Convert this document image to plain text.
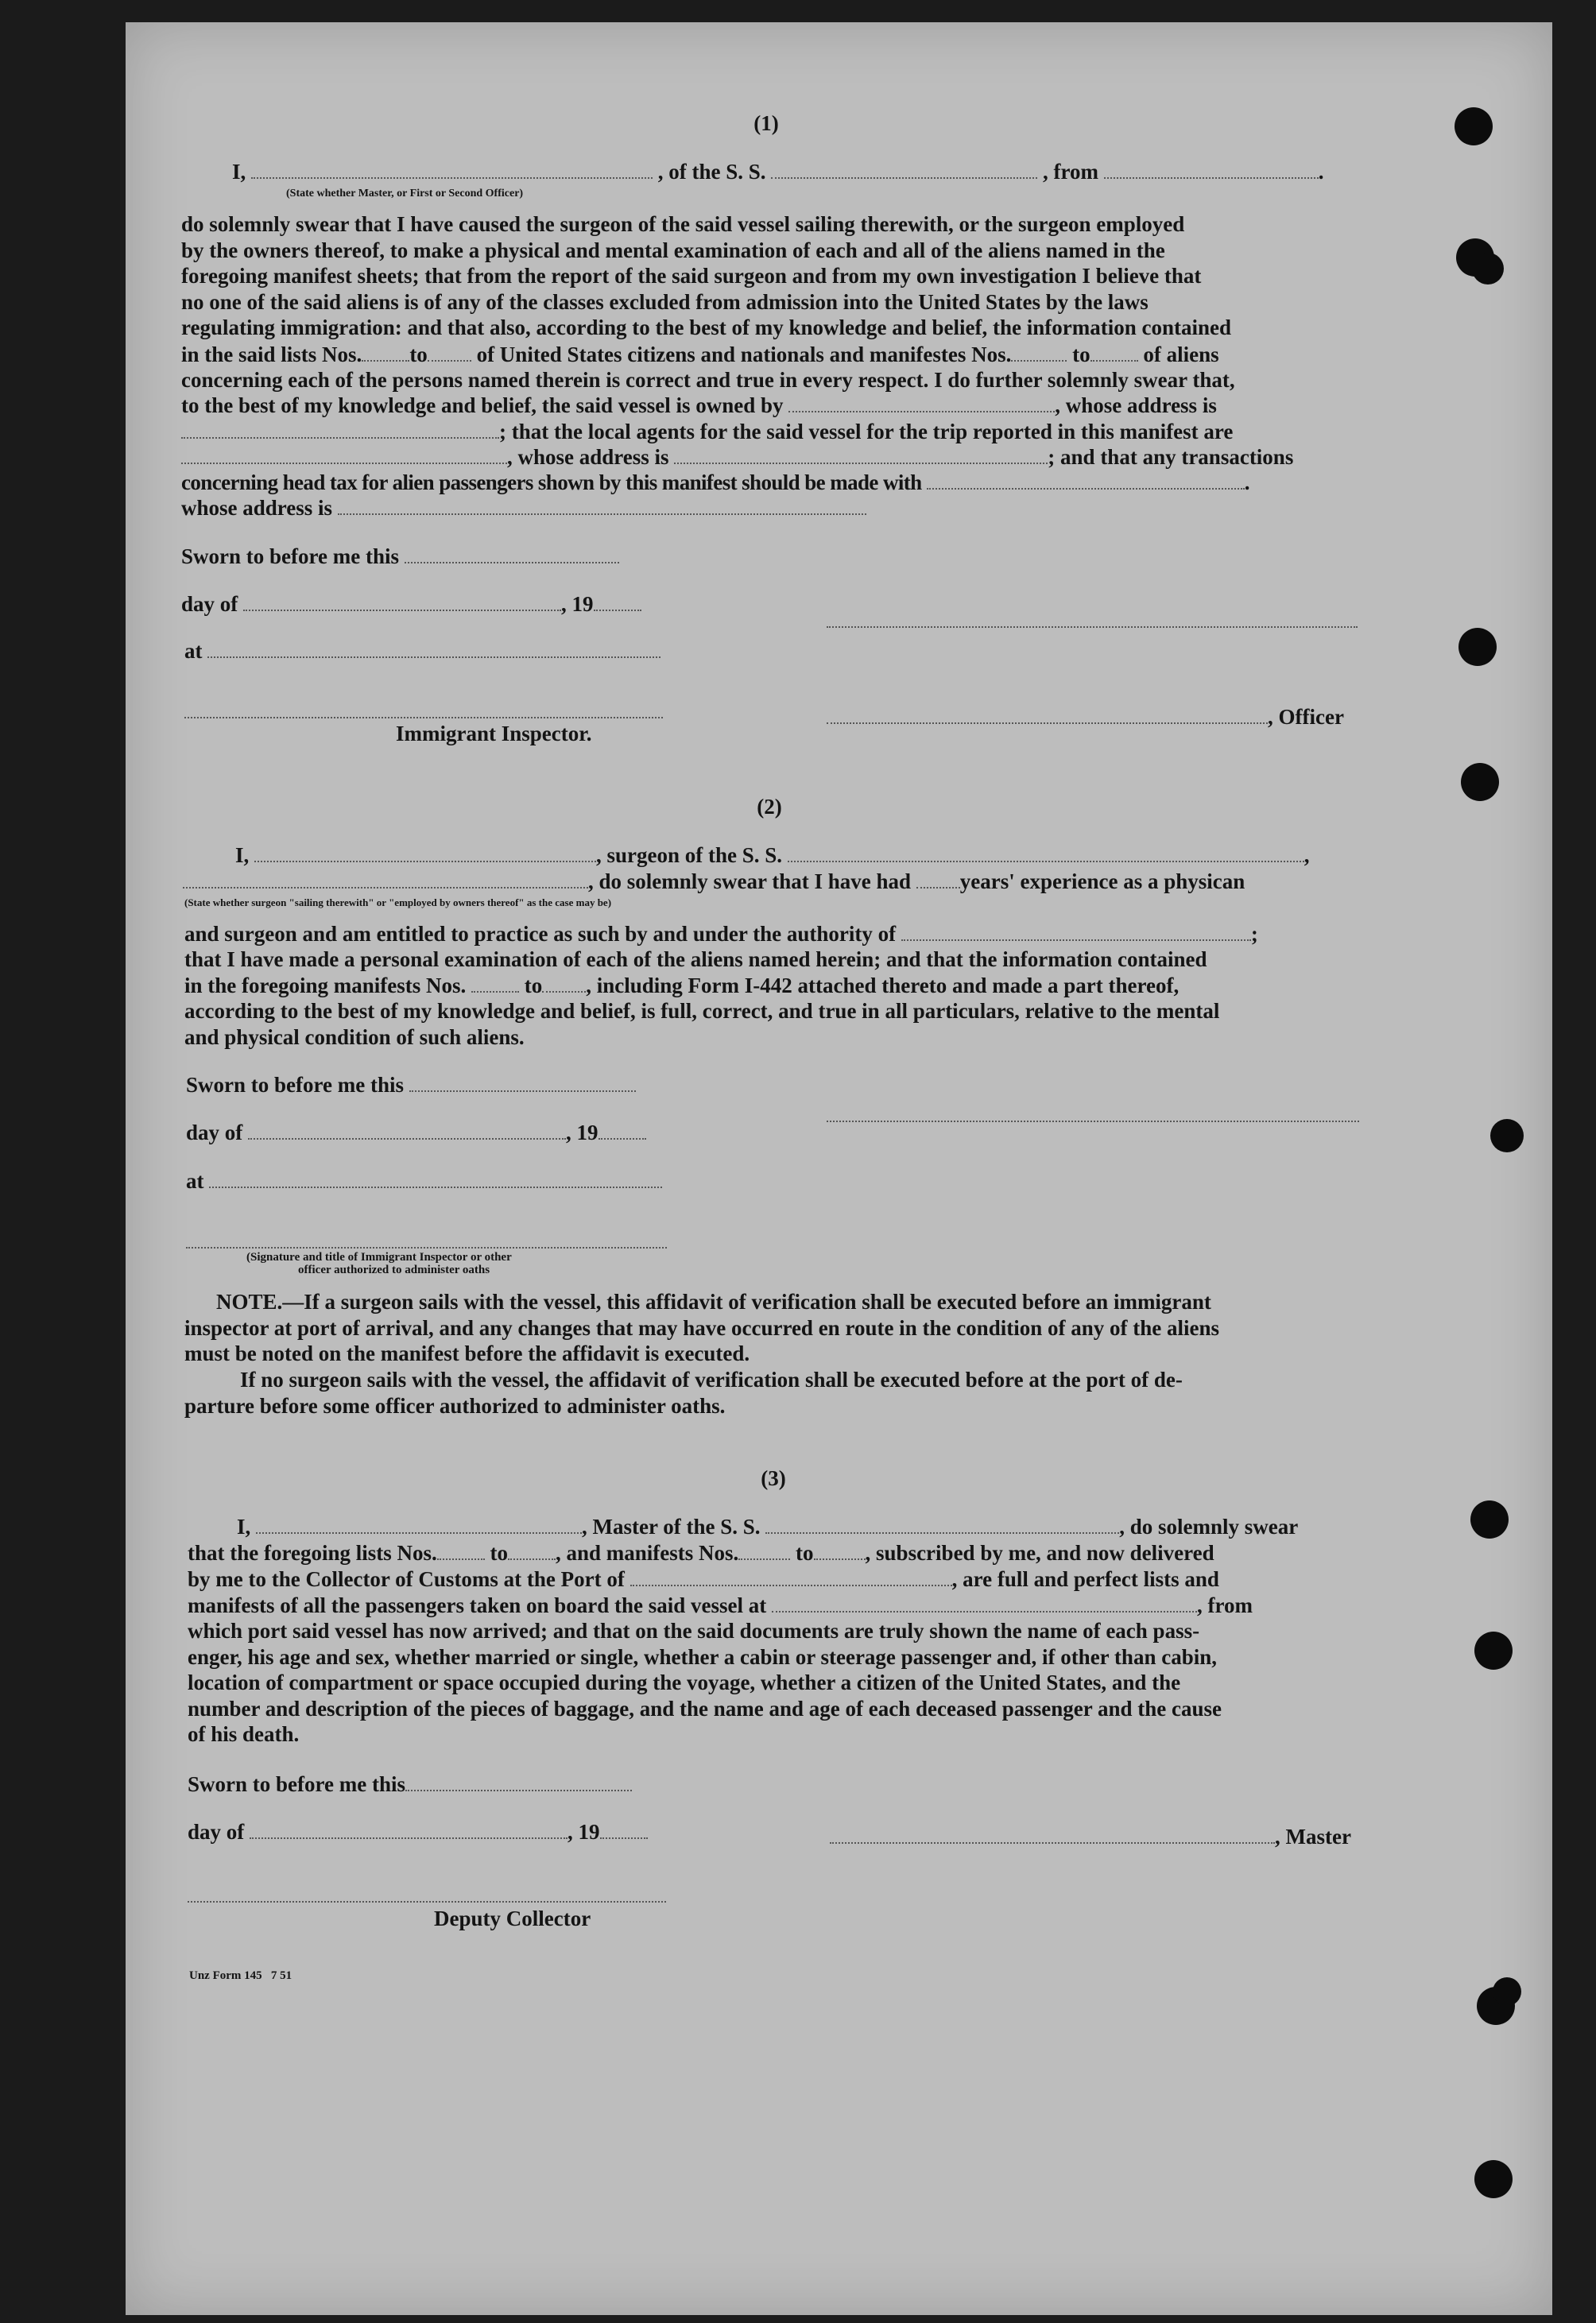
(1)
I,	, of the S. S.	, from	.
(State whether Master, or First or Second Officer)
do solemnly swear that I have caused the surgeon of the said vessel sailing therewith, or the surgeon employed
by the owners thereof, to make a physical and mental examination of each and all of the aliens named in the
foregoing manifest sheets; that from the report of the said surgeon and from my own investigation I believe that
no one of the said aliens is of any of the classes excluded from admission into the United States by the laws
regulating immigration: and that also, according to the best of my knowledge and belief, the information contained
in the said lists Nos. to of United States citizens and nationals and manifestes Nos.	to of aliens
concerning each of the persons named therein is correct and true in every respect. I do further solemnly swear that,
to the best of my knowledge and belief, the said vessel is owned by	, whose address is
; that the local agents for the said vessel for the trip reported in this manifest are
, whose address is	; and that any transactions
concerning head tax for alien passengers shown by this manifest should be made with	.
whose address is
Sworn to before me this
day of	, 19
at
, Officer
Immigrant Inspector.
(2)
I,	, surgeon of the S. S.	,
, do solemnly swear that I have had years' experience as a physican
(State whether surgeon "sailing therewith" or "employed by owners thereof" as the case may be)
and surgeon and am entitled to practice as such by and under the authority of	;
that I have made a personal examination of each of the aliens named herein; and that the information contained
in the foregoing manifests Nos.	to , including Form I-442 attached thereto and made a part thereof,
according to the best of my knowledge and belief, is full, correct, and true in all particulars, relative to the mental
and physical condition of such aliens.
Sworn to before me this
day of	, 19
at
(Signature and title of Immigrant Inspector or other
officer authorized to administer oaths
NOTE.—If a surgeon sails with the vessel, this affidavit of verification shall be executed before an immigrant
inspector at port of arrival, and any changes that may have occurred en route in the condition of any of the aliens
must be noted on the manifest before the affidavit is executed.
If no surgeon sails with the vessel, the affidavit of verification shall be executed before at the port of de-
parture before some officer authorized to administer oaths.
(3)
I,	, Master of the S. S.	, do solemnly swear
that the foregoing lists Nos. to , and manifests Nos.	to , subscribed by me, and now delivered
by me to the Collector of Customs at the Port of	, are full and perfect lists and
manifests of all the passengers taken on board the said vessel at	, from
which port said vessel has now arrived; and that on the said documents are truly shown the name of each pass-
enger, his age and sex, whether married or single, whether a cabin or steerage passenger and, if other than cabin,
location of compartment or space occupied during the voyage, whether a citizen of the United States, and the
number and description of the pieces of baggage, and the name and age of each deceased passenger and the cause
of his death.
Sworn to before me this
day of	, 19	, Master
Deputy Collector
Unz Form 145   7 51
